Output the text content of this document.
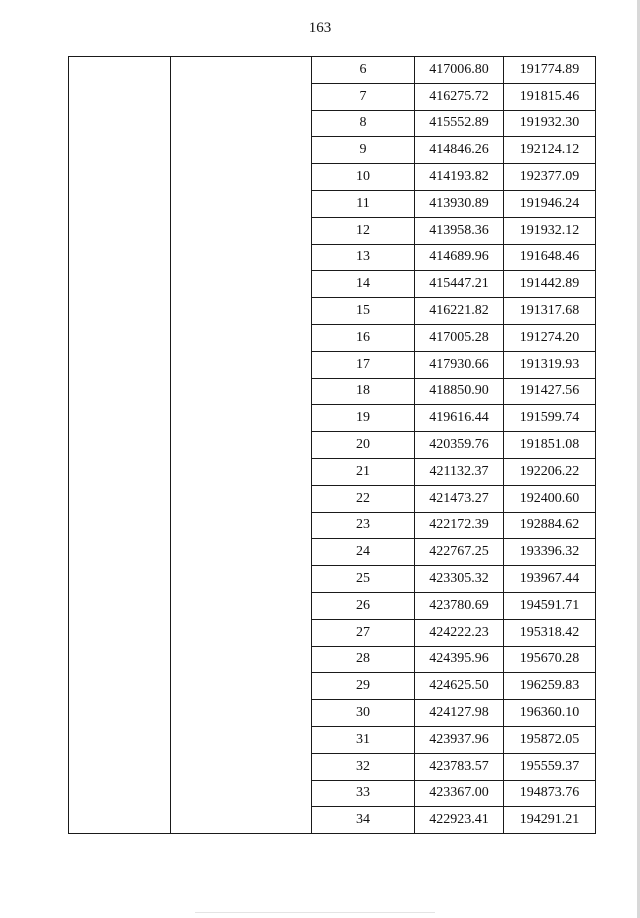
163
		6	417006.80	191774.89
		7	416275.72	191815.46
		8	415552.89	191932.30
		9	414846.26	192124.12
		10	414193.82	192377.09
		11	413930.89	191946.24
		12	413958.36	191932.12
		13	414689.96	191648.46
		14	415447.21	191442.89
		15	416221.82	191317.68
		16	417005.28	191274.20
		17	417930.66	191319.93
		18	418850.90	191427.56
		19	419616.44	191599.74
		20	420359.76	191851.08
		21	421132.37	192206.22
		22	421473.27	192400.60
		23	422172.39	192884.62
		24	422767.25	193396.32
		25	423305.32	193967.44
		26	423780.69	194591.71
		27	424222.23	195318.42
		28	424395.96	195670.28
		29	424625.50	196259.83
		30	424127.98	196360.10
		31	423937.96	195872.05
		32	423783.57	195559.37
		33	423367.00	194873.76
		34	422923.41	194291.21
